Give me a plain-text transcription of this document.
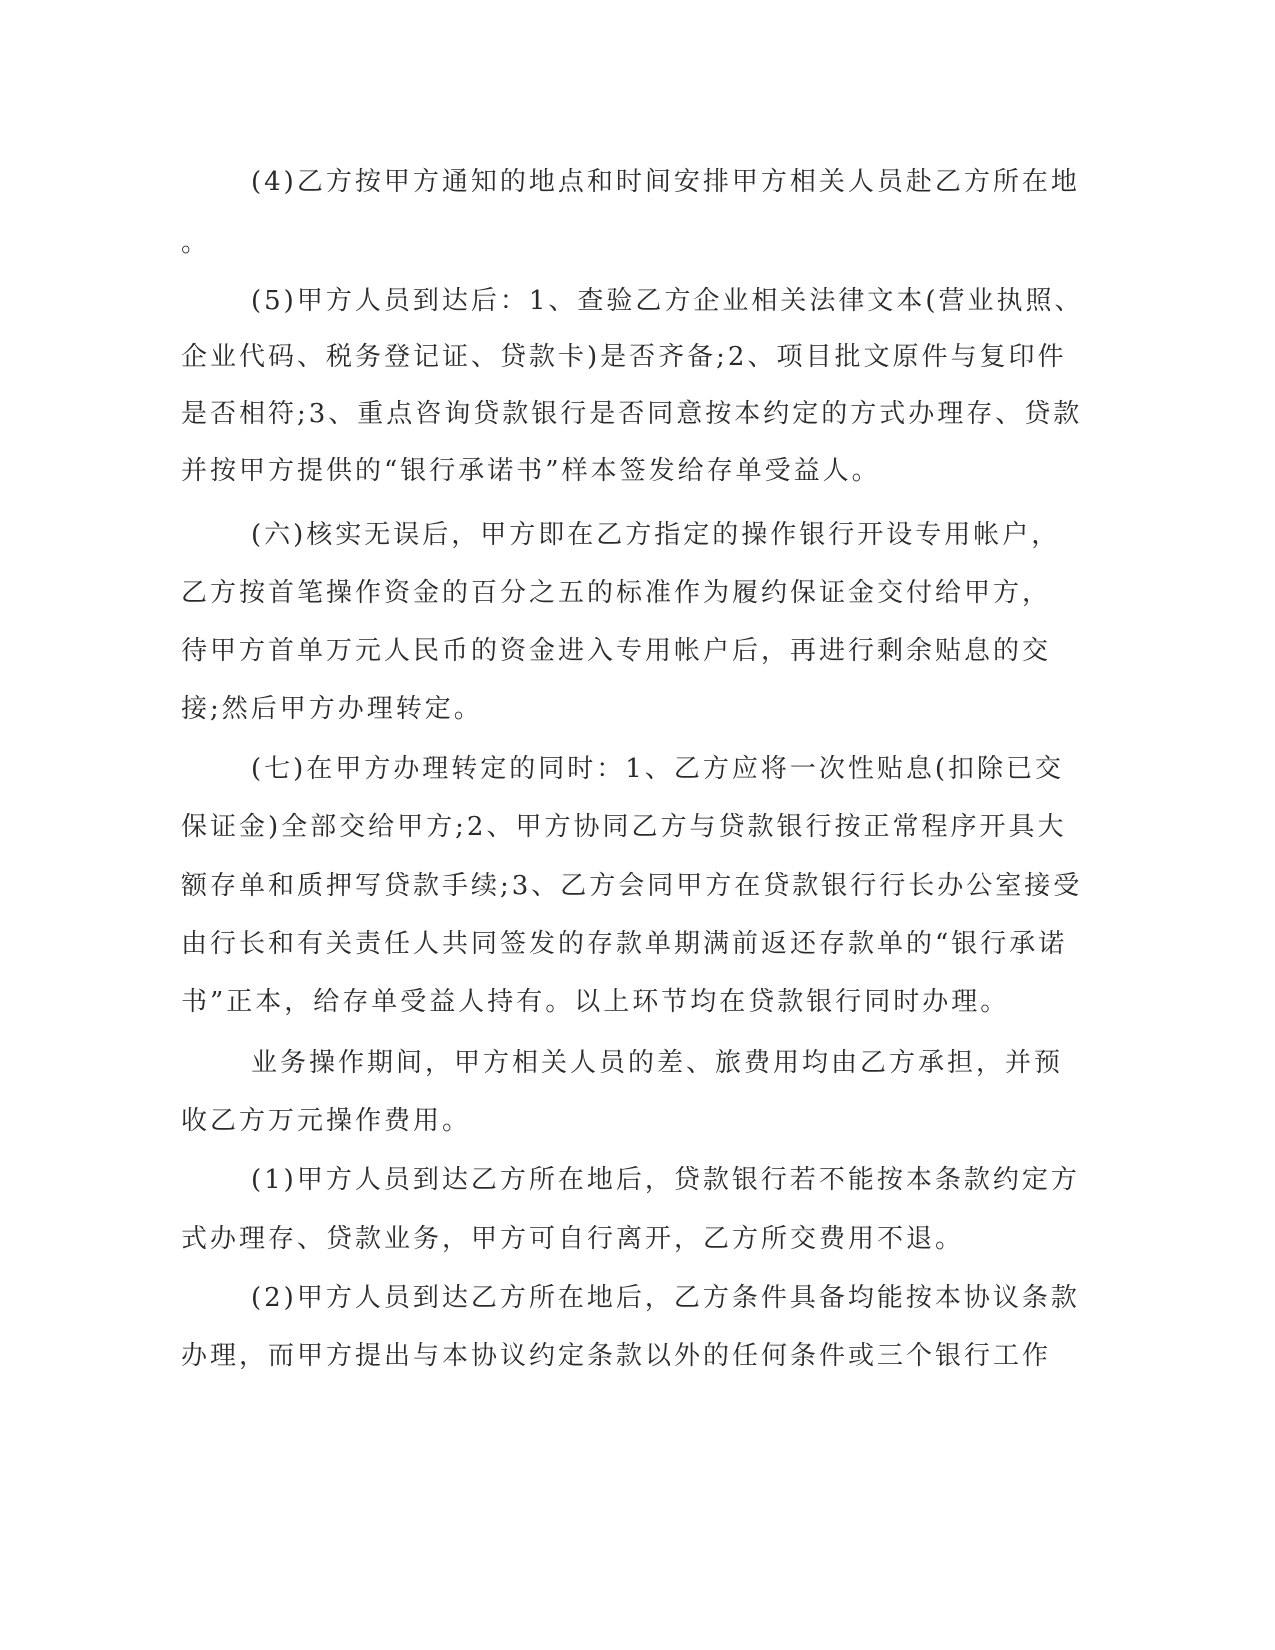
(4)乙方按甲方通知的地点和时间安排甲方相关人员赴乙方所在地

。

(5)甲方人员到达后：1、查验乙方企业相关法律文本(营业执照、

企业代码、税务登记证、贷款卡)是否齐备;2、项目批文原件与复印件

是否相符;3、重点咨询贷款银行是否同意按本约定的方式办理存、贷款

并按甲方提供的“银行承诺书”样本签发给存单受益人。

(六)核实无误后，甲方即在乙方指定的操作银行开设专用帐户，

乙方按首笔操作资金的百分之五的标准作为履约保证金交付给甲方，

待甲方首单万元人民币的资金进入专用帐户后，再进行剩余贴息的交

接;然后甲方办理转定。

(七)在甲方办理转定的同时：1、乙方应将一次性贴息(扣除已交

保证金)全部交给甲方;2、甲方协同乙方与贷款银行按正常程序开具大

额存单和质押写贷款手续;3、乙方会同甲方在贷款银行行长办公室接受

由行长和有关责任人共同签发的存款单期满前返还存款单的“银行承诺

书”正本，给存单受益人持有。以上环节均在贷款银行同时办理。

业务操作期间，甲方相关人员的差、旅费用均由乙方承担，并预

收乙方万元操作费用。

(1)甲方人员到达乙方所在地后，贷款银行若不能按本条款约定方

式办理存、贷款业务，甲方可自行离开，乙方所交费用不退。

(2)甲方人员到达乙方所在地后，乙方条件具备均能按本协议条款

办理，而甲方提出与本协议约定条款以外的任何条件或三个银行工作
